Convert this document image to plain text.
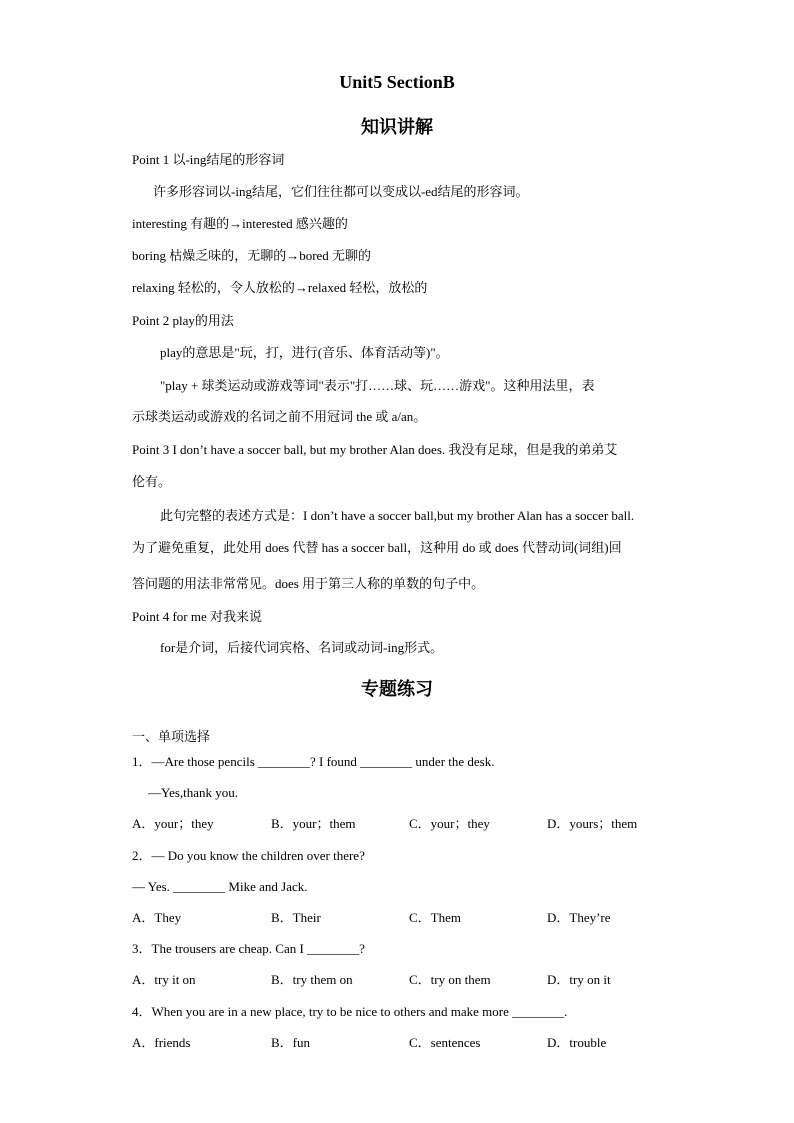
Unit5 SectionB
知识讲解
Point 1 以-ing结尾的形容词
许多形容词以-ing结尾，它们往往都可以变成以-ed结尾的形容词。
interesting 有趣的→interested 感兴趣的
boring 枯燥乏味的，无聊的→bored 无聊的
relaxing 轻松的，令人放松的→relaxed 轻松，放松的
Point 2 play的用法
play的意思是"玩，打，进行(音乐、体育活动等)"。
"play + 球类运动或游戏等词"表示"打……球、玩……游戏"。这种用法里，表
示球类运动或游戏的名词之前不用冠词 the 或 a/an。
Point 3 I don’t have a soccer ball, but my brother Alan does. 我没有足球，但是我的弟弟艾
伦有。
此句完整的表述方式是：I don’t have a soccer ball,but my brother Alan has a soccer ball.
为了避免重复，此处用 does 代替 has a soccer ball，这种用 do 或 does 代替动词(词组)回
答问题的用法非常常见。does 用于第三人称的单数的句子中。
Point 4 for me 对我来说
for是介词，后接代词宾格、名词或动词-ing形式。
专题练习
一、单项选择
1．—Are those pencils ________? I found ________ under the desk.
—Yes,thank you.
A．your；they	B．your；them	C．your；they	D．yours；them
2．— Do you know the children over there?
— Yes. ________ Mike and Jack.
A．They	B．Their	C．Them	D．They’re
3．The trousers are cheap. Can I ________?
A．try it on	B．try them on	C．try on them	D．try on it
4．When you are in a new place, try to be nice to others and make more ________.
A．friends	B．fun	C．sentences	D．trouble
